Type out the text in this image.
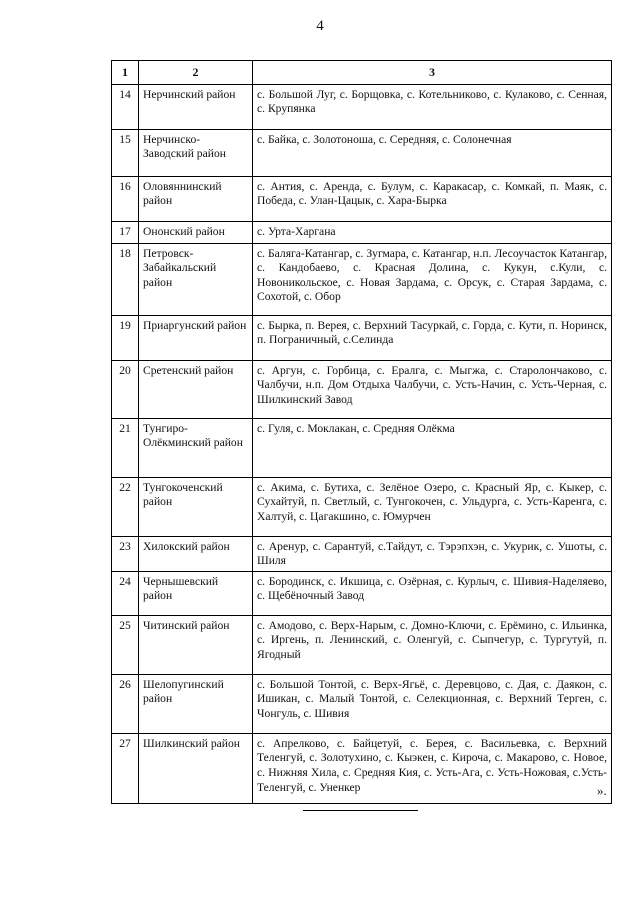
4
1	2	3
14	Нерчинский район	с. Большой Луг, с. Борщовка, с. Котельниково, с. Кулаково, с. Сенная, с. Крупянка
15	Нерчинско-Заводский район	с. Байка, с. Золотоноша, с. Середняя, с. Солонечная
16	Оловяннинский район	с. Антия, с. Аренда, с. Булум, с. Каракасар, с. Комкай, п. Маяк, с. Победа, с. Улан-Цацык, с. Хара-Бырка
17	Ононский район	с. Урта-Харгана
18	Петровск-Забайкальский район	с. Баляга-Катангар, с. Зугмара, с. Катангар, н.п. Лесоучасток Катангар, с. Кандобаево, с. Красная Долина, с. Кукун, с.Кули, с. Новоникольское, с. Новая Зардама, с. Орсук, с. Старая Зардама, с. Сохотой, с. Обор
19	Приаргунский район	с. Бырка, п. Верея, с. Верхний Тасуркай, с. Горда, с. Кути, п. Норинск, п. Пограничный, с.Селинда
20	Сретенский район	с. Аргун, с. Горбица, с. Ералга, с. Мыгжа, с. Старолончаково, с. Чалбучи, н.п. Дом Отдыха Чалбучи, с. Усть-Начин, с. Усть-Черная, с. Шилкинский Завод
21	Тунгиро-Олёкминский район	с. Гуля, с. Моклакан, с. Средняя Олёкма
22	Тунгокоченский район	с. Акима, с. Бутиха, с. Зелёное Озеро, с. Красный Яр, с. Кыкер, с. Сухайтуй, п. Светлый, с. Тунгокочен, с. Ульдурга, с. Усть-Каренга, с. Халтуй, с. Цагакшино, с. Юмурчен
23	Хилокский район	с. Аренур, с. Сарантуй, с.Тайдут, с. Тэрэпхэн, с. Укурик, с. Ушоты, с. Шиля
24	Чернышевский район	с. Бородинск, с. Икшица, с. Озёрная, с. Курлыч, с. Шивия-Наделяево, с. Щебёночный Завод
25	Читинский район	с. Амодово, с. Верх-Нарым, с. Домно-Ключи, с. Ерёмино, с. Ильинка, с. Иргень, п. Ленинский, с. Оленгуй, с. Сыпчегур, с. Тургутуй, п. Ягодный
26	Шелопугинский район	с. Большой Тонтой, с. Верх-Ягьё, с. Деревцово, с. Дая, с. Даякон, с. Ишикан, с. Малый Тонтой, с. Селекционная, с. Верхний Терген, с. Чонгуль, с. Шивия
27	Шилкинский район	с. Апрелково, с. Байцетуй, с. Берея, с. Васильевка, с. Верхний Теленгуй, с. Золотухино, с. Кыэкен, с. Кироча, с. Макарово, с. Новое, с. Нижняя Хила, с. Средняя Кия, с. Усть-Ага, с. Усть-Ножовая, с.Усть-Теленгуй, с. Уненкер	».
